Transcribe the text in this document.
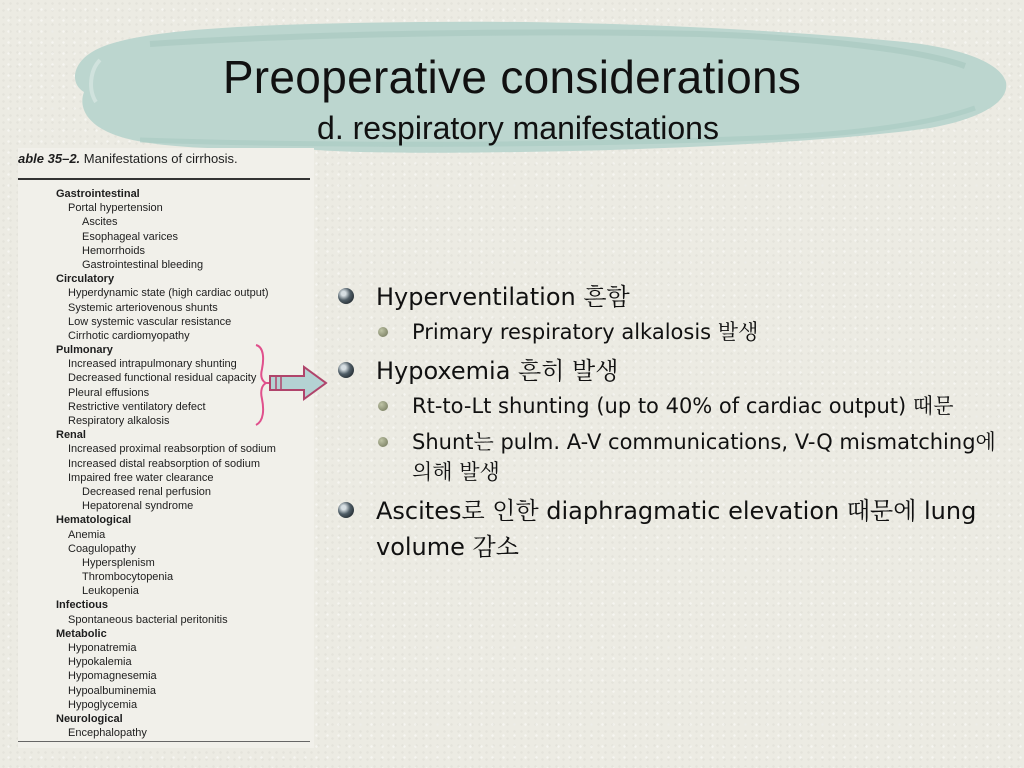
Preoperative considerations
d. respiratory manifestations
able 35–2. Manifestations of cirrhosis.
Gastrointestinal
Portal hypertension
Ascites
Esophageal varices
Hemorrhoids
Gastrointestinal bleeding
Circulatory
Hyperdynamic state (high cardiac output)
Systemic arteriovenous shunts
Low systemic vascular resistance
Cirrhotic cardiomyopathy
Pulmonary
Increased intrapulmonary shunting
Decreased functional residual capacity
Pleural effusions
Restrictive ventilatory defect
Respiratory alkalosis
Renal
Increased proximal reabsorption of sodium
Increased distal reabsorption of sodium
Impaired free water clearance
Decreased renal perfusion
Hepatorenal syndrome
Hematological
Anemia
Coagulopathy
Hypersplenism
Thrombocytopenia
Leukopenia
Infectious
Spontaneous bacterial peritonitis
Metabolic
Hyponatremia
Hypokalemia
Hypomagnesemia
Hypoalbuminemia
Hypoglycemia
Neurological
Encephalopathy
Hyperventilation 흔함
Primary respiratory alkalosis 발생
Hypoxemia 흔히 발생
Rt-to-Lt shunting (up to 40% of cardiac output) 때문
Shunt는 pulm. A-V communications, V-Q mismatching에 의해 발생
Ascites로 인한 diaphragmatic elevation 때문에 lung volume 감소
